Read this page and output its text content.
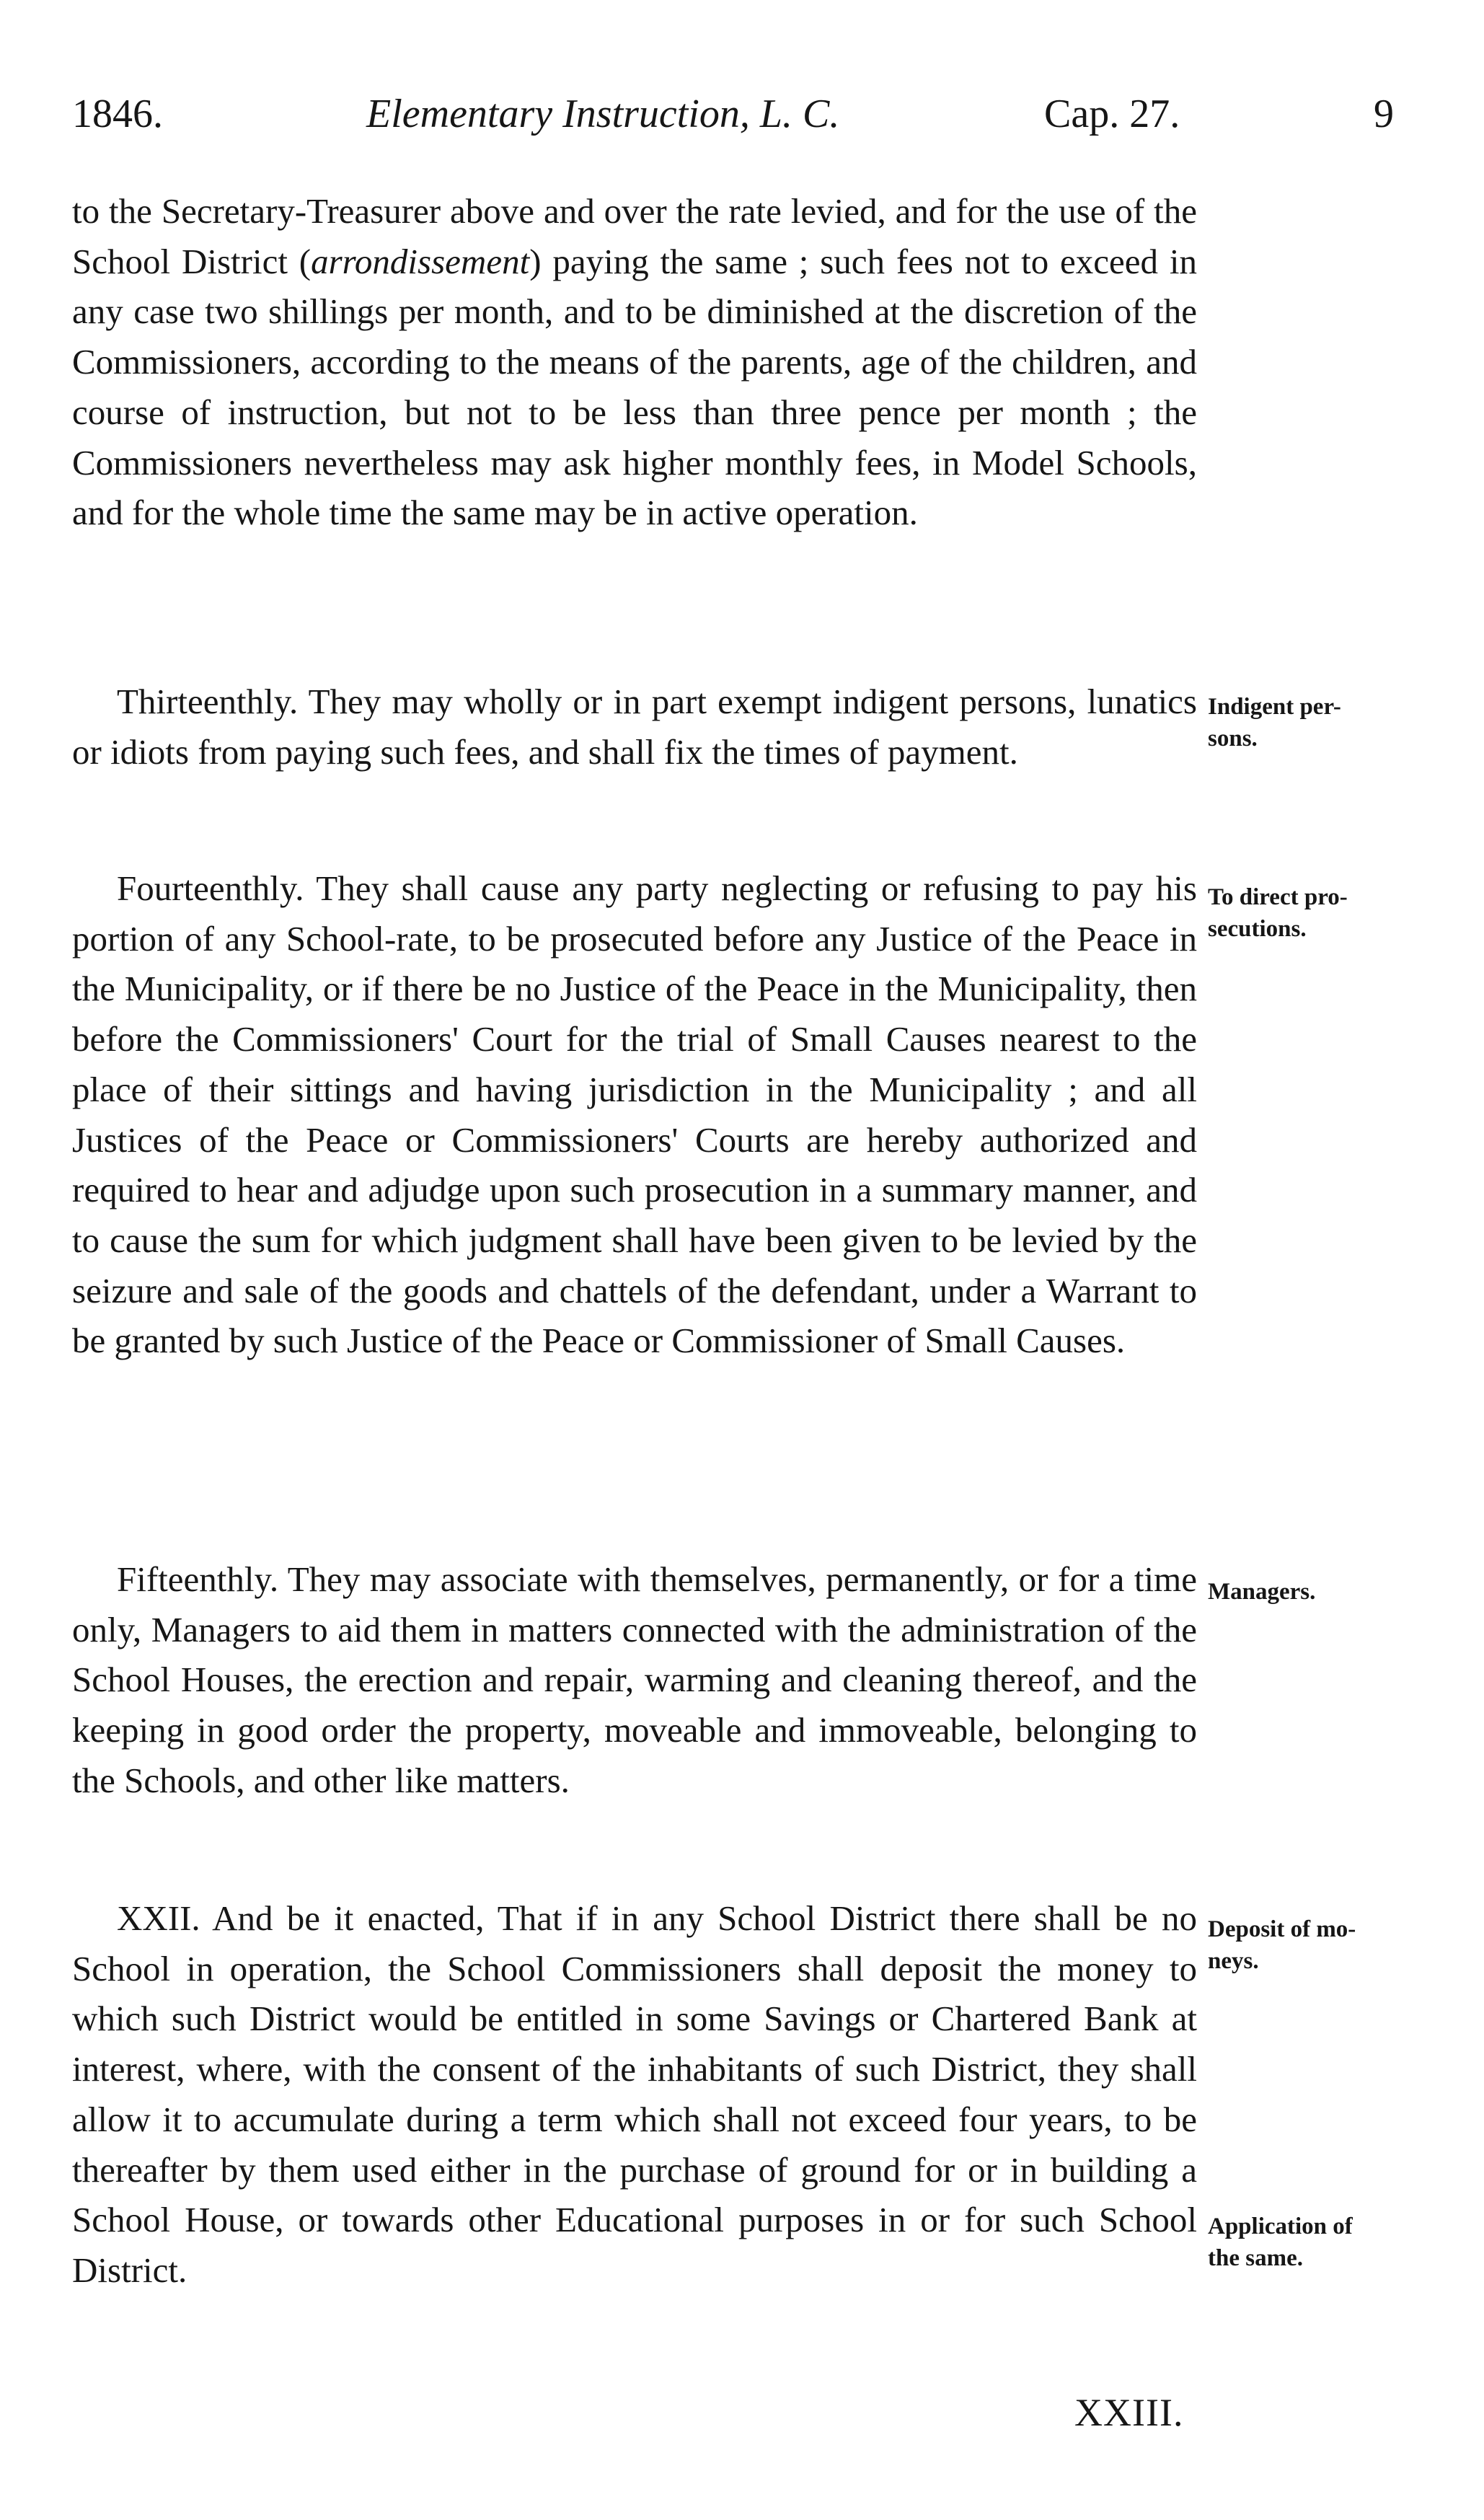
1846.	Elementary Instruction, L. C.	Cap. 27.	9

to the Secretary-Treasurer above and over the rate levied, and for the use of the School District (arrondissement) paying the same ; such fees not to exceed in any case two shillings per month, and to be diminished at the discretion of the Commissioners, according to the means of the parents, age of the children, and course of instruction, but not to be less than three pence per month ; the Commissioners nevertheless may ask higher monthly fees, in Model Schools, and for the whole time the same may be in active operation.

Thirteenthly. They may wholly or in part exempt indigent persons, lunatics or idiots from paying such fees, and shall fix the times of payment.

Indigent per-
sons.

Fourteenthly. They shall cause any party neglecting or refusing to pay his portion of any School-rate, to be prosecuted before any Justice of the Peace in the Municipality, or if there be no Justice of the Peace in the Municipality, then before the Commissioners' Court for the trial of Small Causes nearest to the place of their sittings and having jurisdiction in the Municipality ; and all Justices of the Peace or Commissioners' Courts are hereby authorized and required to hear and adjudge upon such prosecution in a summary manner, and to cause the sum for which judgment shall have been given to be levied by the seizure and sale of the goods and chattels of the defendant, under a Warrant to be granted by such Justice of the Peace or Commissioner of Small Causes.

To direct pro-
secutions.

Fifteenthly. They may associate with themselves, permanently, or for a time only, Managers to aid them in matters connected with the administration of the School Houses, the erection and repair, warming and cleaning thereof, and the keeping in good order the property, moveable and immoveable, belonging to the Schools, and other like matters.

Managers.

XXII. And be it enacted, That if in any School District there shall be no School in operation, the School Commissioners shall deposit the money to which such District would be entitled in some Savings or Chartered Bank at interest, where, with the consent of the inhabitants of such District, they shall allow it to accumulate during a term which shall not exceed four years, to be thereafter by them used either in the purchase of ground for or in building a School House, or towards other Educational purposes in or for such School District.

Deposit of mo-
neys.
Application of
the same.
XXIII.
